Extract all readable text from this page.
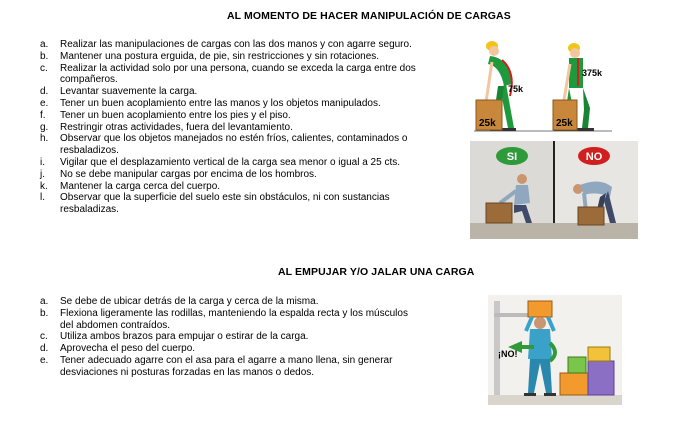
AL MOMENTO DE HACER MANIPULACIÓN DE CARGAS
a. Realizar las manipulaciones de cargas con las dos manos y con agarre seguro.
b. Mantener una postura erguida, de pie, sin restricciones y sin rotaciones.
c. Realizar la actividad solo por una persona, cuando se exceda la carga entre dos compañeros.
d. Levantar suavemente la carga.
e. Tener un buen acoplamiento entre las manos y los objetos manipulados.
f. Tener un buen acoplamiento entre los pies y el piso.
g. Restringir otras actividades, fuera del levantamiento.
h. Observar que los objetos manejados no estén fríos, calientes, contaminados o resbaladizos.
i. Vigilar que el desplazamiento vertical de la carga sea menor o igual a 25 cts.
j. No se debe manipular cargas por encima de los hombros.
k. Mantener la carga cerca del cuerpo.
l. Observar que la superficie del suelo este sin obstáculos, ni con sustancias resbaladizas.
25k
75k
25k
375k
SI	NO
AL EMPUJAR Y/O JALAR UNA CARGA
a. Se debe de ubicar detrás de la carga y cerca de la misma.
b. Flexiona ligeramente las rodillas, manteniendo la espalda recta y los músculos del abdomen contraídos.
c. Utiliza ambos brazos para empujar o estirar de la carga.
d. Aprovecha el peso del cuerpo.
e. Tener adecuado agarre con el asa para el agarre a mano llena, sin generar desviaciones ni posturas forzadas en las manos o dedos.
¡NO!
